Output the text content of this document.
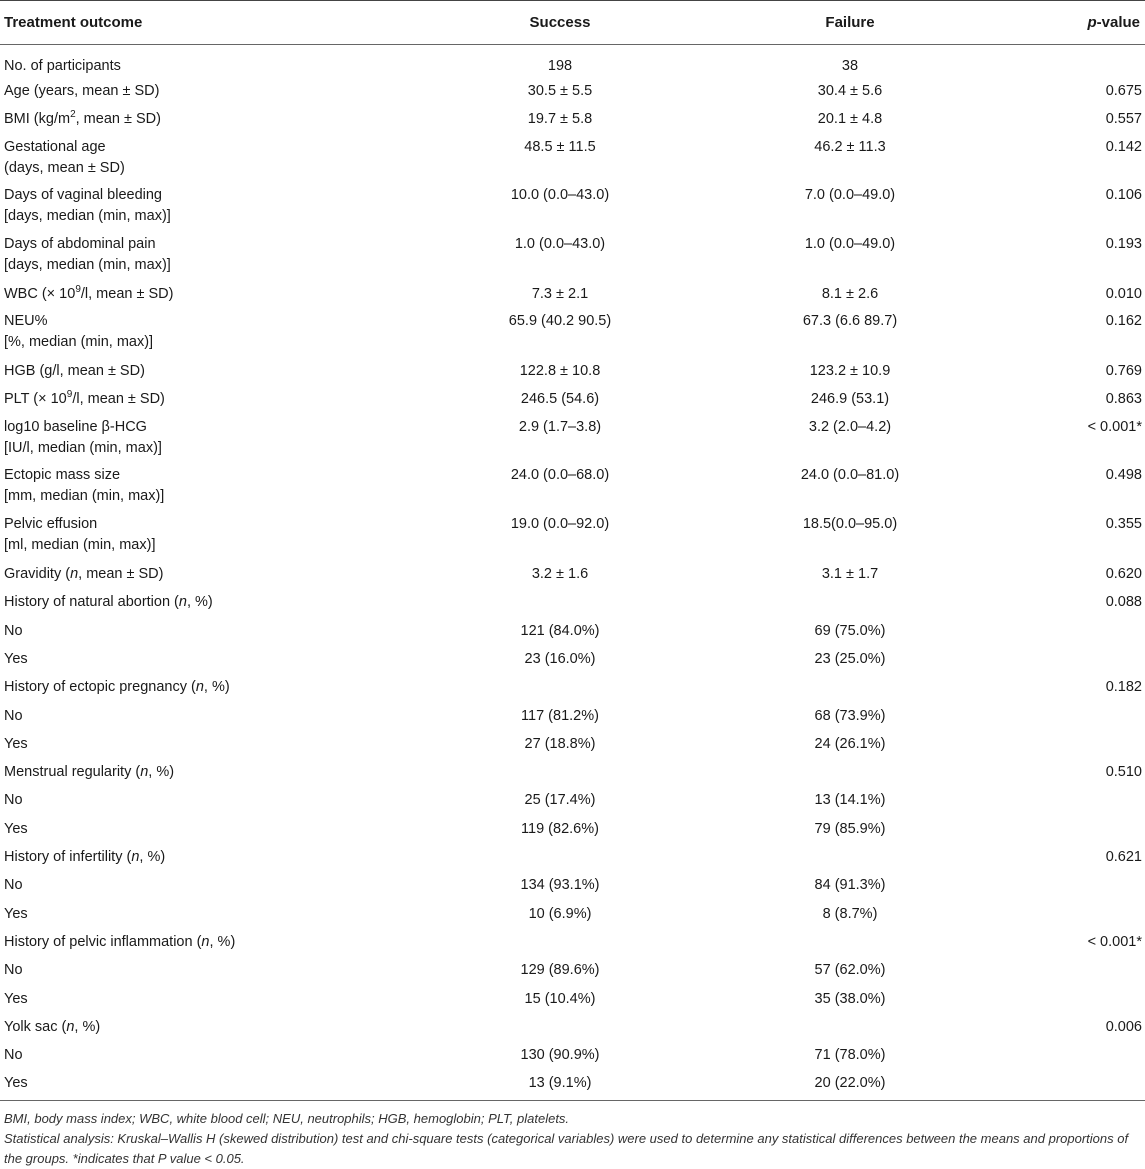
Treatment outcome	Success	Failure	p-value
No. of participants	198	38	
Age (years, mean ± SD)	30.5 ± 5.5	30.4 ± 5.6	0.675
BMI ($kg/m^2$, mean ± SD)	19.7 ± 5.8	20.1 ± 4.8	0.557
Gestational age
(days, mean ± SD)	48.5 ± 11.5	46.2 ± 11.3	0.142
Days of vaginal bleeding
[days, median (min, max)]	10.0 (0.0–43.0)	7.0 (0.0–49.0)	0.106
Days of abdominal pain
[days, median (min, max)]	1.0 (0.0–43.0)	1.0 (0.0–49.0)	0.193
WBC (× $10^9/l$, mean ± SD)	7.3 ± 2.1	8.1 ± 2.6	0.010
NEU%
[%, median (min, max)]	65.9 (40.2 90.5)	67.3 (6.6 89.7)	0.162
HGB (g/l, mean ± SD)	122.8 ± 10.8	123.2 ± 10.9	0.769
PLT (× $10^9/l$, mean ± SD)	246.5 (54.6)	246.9 (53.1)	0.863
log10 baseline β-HCG
[IU/l, median (min, max)]	2.9 (1.7–3.8)	3.2 (2.0–4.2)	< 0.001*
Ectopic mass size
[mm, median (min, max)]	24.0 (0.0–68.0)	24.0 (0.0–81.0)	0.498
Pelvic effusion
[ml, median (min, max)]	19.0 (0.0–92.0)	18.5(0.0–95.0)	0.355
Gravidity (n, mean ± SD)	3.2 ± 1.6	3.1 ± 1.7	0.620
History of natural abortion (n, %)			0.088
No	121 (84.0%)	69 (75.0%)	
Yes	23 (16.0%)	23 (25.0%)	
History of ectopic pregnancy (n, %)			0.182
No	117 (81.2%)	68 (73.9%)	
Yes	27 (18.8%)	24 (26.1%)	
Menstrual regularity (n, %)			0.510
No	25 (17.4%)	13 (14.1%)	
Yes	119 (82.6%)	79 (85.9%)	
History of infertility (n, %)			0.621
No	134 (93.1%)	84 (91.3%)	
Yes	10 (6.9%)	8 (8.7%)	
History of pelvic inflammation (n, %)			< 0.001*
No	129 (89.6%)	57 (62.0%)	
Yes	15 (10.4%)	35 (38.0%)	
Yolk sac (n, %)			0.006
No	130 (90.9%)	71 (78.0%)	
Yes	13 (9.1%)	20 (22.0%)	
BMI, body mass index; WBC, white blood cell; NEU, neutrophils; HGB, hemoglobin; PLT, platelets.
Statistical analysis: Kruskal–Wallis H (skewed distribution) test and chi-square tests (categorical variables) were used to determine any statistical differences between the means and proportions of the groups. *indicates that P value < 0.05.
